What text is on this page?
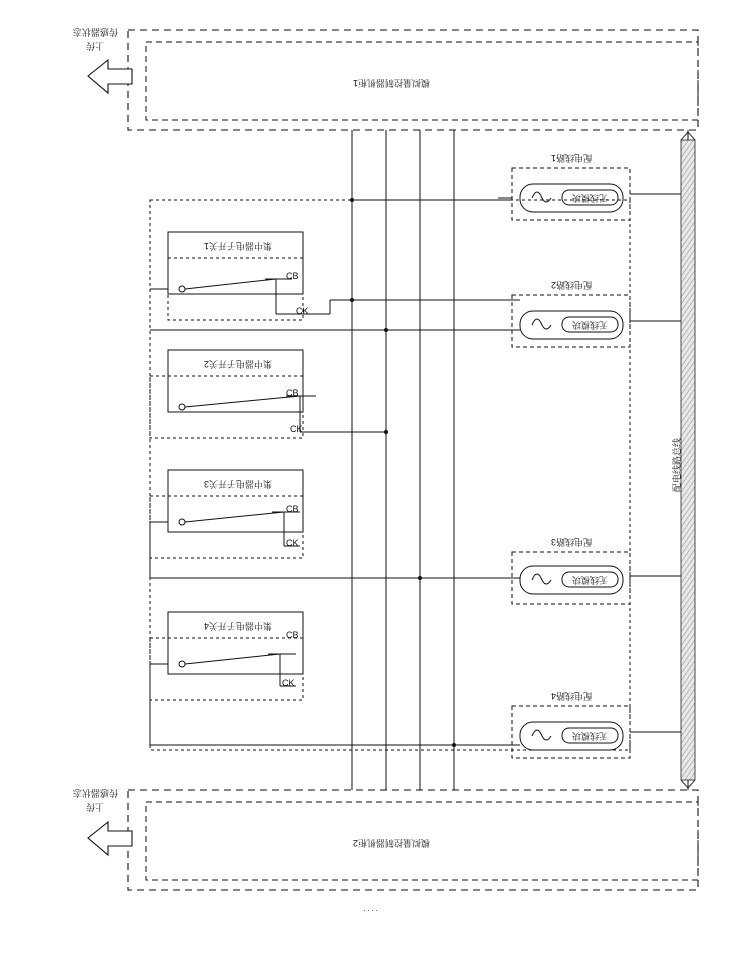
模拟量控制器机柜1
传感器状态
上传
模拟量控制器机柜2
传感器状态
上传
配电线路总线
集中器电子开关1
集中器电子开关2
集中器电子开关3
集中器电子开关4
CB
CK
CB
CK
CB
CK
CB
CK
配电线路1
无线模块
配电线路2
无线模块
配电线路3
无线模块
配电线路4
无线模块
····
